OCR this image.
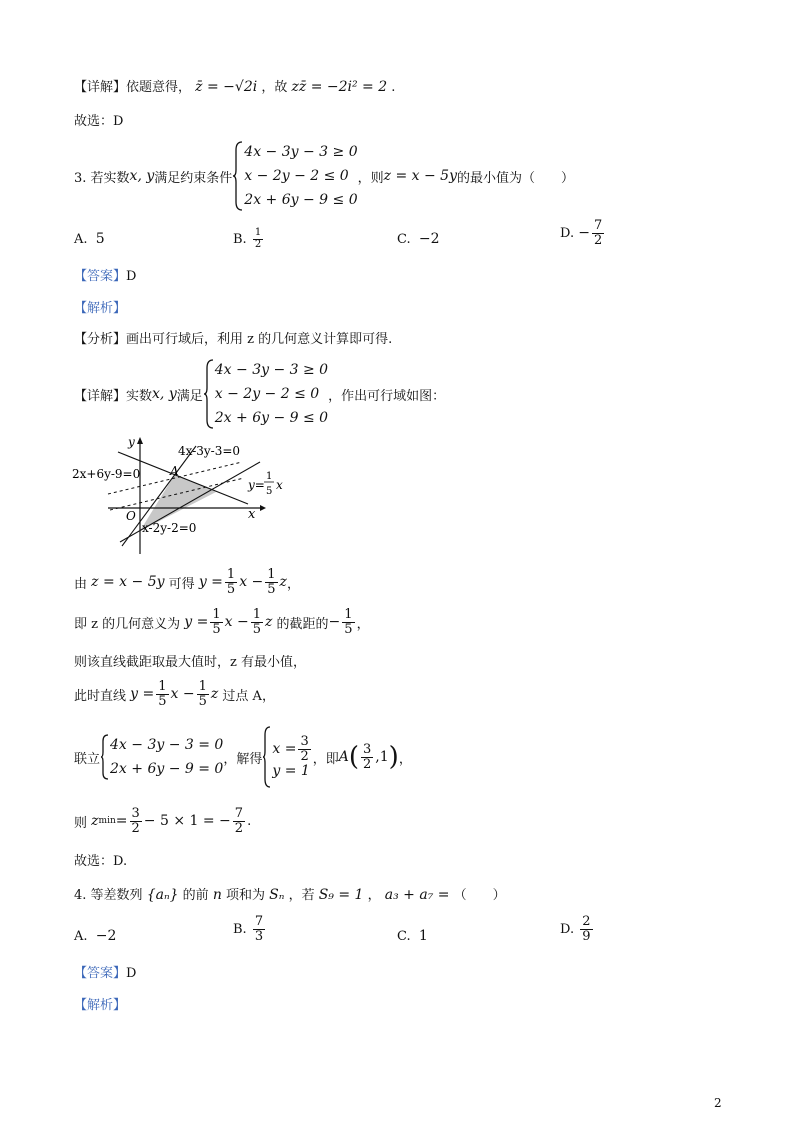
【详解】依题意得， z̄ = −√2i ，故 zz̄ = −2i² = 2 .
故选：D
3. 若实数 x, y 满足约束条件
4x − 3y − 3 ≥ 0
x − 2y − 2 ≤ 0
2x + 6y − 9 ≤ 0
，则 z = x − 5y 的最小值为（　　）
A. 5	B.
$\frac{1}{2}$	C. −2	D.
− $\frac{7}{2}$
【答案】D
【解析】
【分析】画出可行域后，利用 z 的几何意义计算即可得.
【详解】 实数 x, y 满足
4x − 3y − 3 ≥ 0
x − 2y − 2 ≤ 0
2x + 6y − 9 ≤ 0
，作出可行域如图：
y
x
O
A
4x-3y-3=0
2x+6y-9=0
x-2y-2=0
y=
1
5 x
由
z = x − 5y
可得
$y = \frac{1}{5}$ $x - \frac{1}{5}$ z ，
即 z 的几何意义为
$y = \frac{1}{5}$ $x - \frac{1}{5}$ z
的截距的 − $\frac{1}{5}$ ，
则该直线截距取最大值时，z 有最小值，
此时直线
$y = \frac{1}{5}$ $x - \frac{1}{5}$ z
过点 A，
联立
4x − 3y − 3 = 0
2x + 6y − 9 = 0
，解得
$x = \frac{3}{2}$
y = 1
，即 A ( $\frac{3}{2} ,1$ ) ，
则
z $\min = \frac{3}{2} - 5 \times 1$ = − $\frac{7}{2}$ .
故选：D.
4. 等差数列 {aₙ} 的前 n 项和为 Sₙ ，若 S₉ = 1 ， a₃ + a₇ = （　　）
A. −2	B.
$\frac{7}{3}$	C. 1	D.
$\frac{2}{9}$
【答案】D
【解析】
2
